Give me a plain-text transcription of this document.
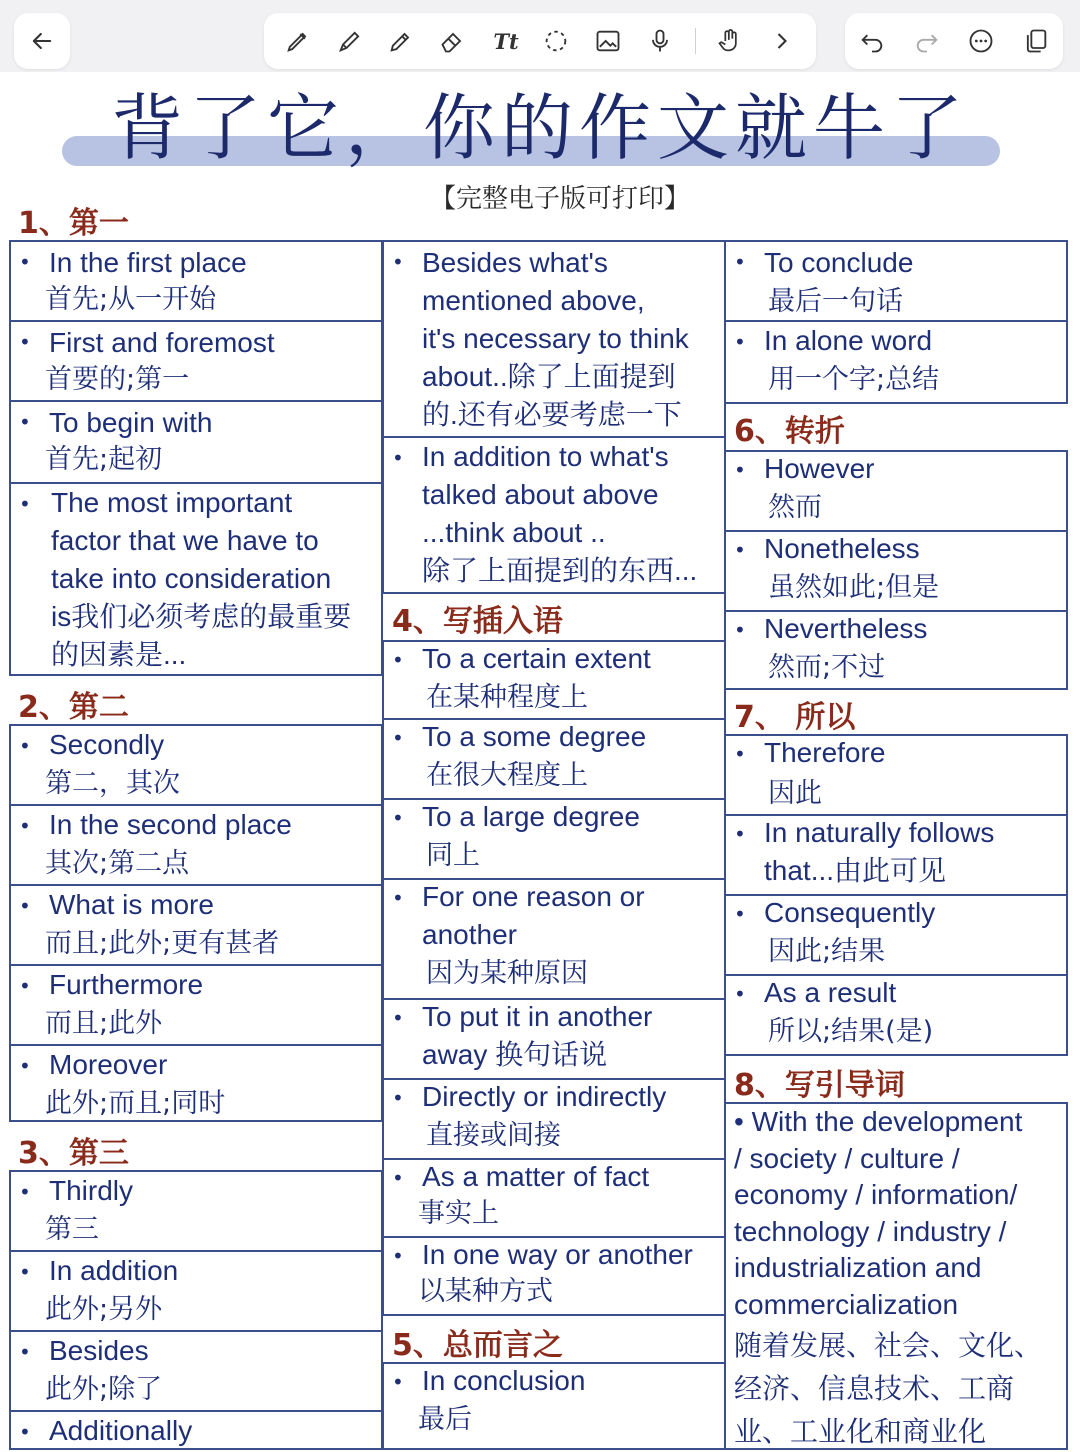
Tt
背了它，你的作文就牛了
【完整电子版可打印】
1、第一
• In the first place
首先;从一开始
• First and foremost
首要的;第一
• To begin with
首先;起初
• The most important
factor that we have to
take into consideration
is我们必须考虑的最重要
的因素是...
2、第二
• Secondly
第二，其次
• In the second place
其次;第二点
• What is more
而且;此外;更有甚者
• Furthermore
而且;此外
• Moreover
此外;而且;同时
3、第三
• Thirdly
第三
• In addition
此外;另外
• Besides
此外;除了
• Additionally
• Besides what's
mentioned above,
it's necessary to think
about..除了上面提到
的.还有必要考虑一下
• In addition to what's
talked about above
...think about ..
除了上面提到的东西...
4、写插入语
• To a certain extent
在某种程度上
• To a some degree
在很大程度上
• To a large degree
同上
• For one reason or
another
因为某种原因
• To put it in another
away 换句话说
• Directly or indirectly
直接或间接
• As a matter of fact
事实上
• In one way or another
以某种方式
5、总而言之
• In conclusion
最后
• To conclude
最后一句话
• In alone word
用一个字;总结
6、转折
• However
然而
• Nonetheless
虽然如此;但是
• Nevertheless
然而;不过
7、 所以
• Therefore
因此
• In naturally follows
that...由此可见
• Consequently
因此;结果
• As a result
所以;结果(是)
8、写引导词
• With the development
/ society / culture /
economy / information/
technology / industry /
industrialization and
commercialization
随着发展、社会、文化、
经济、信息技术、工商
业、工业化和商业化
